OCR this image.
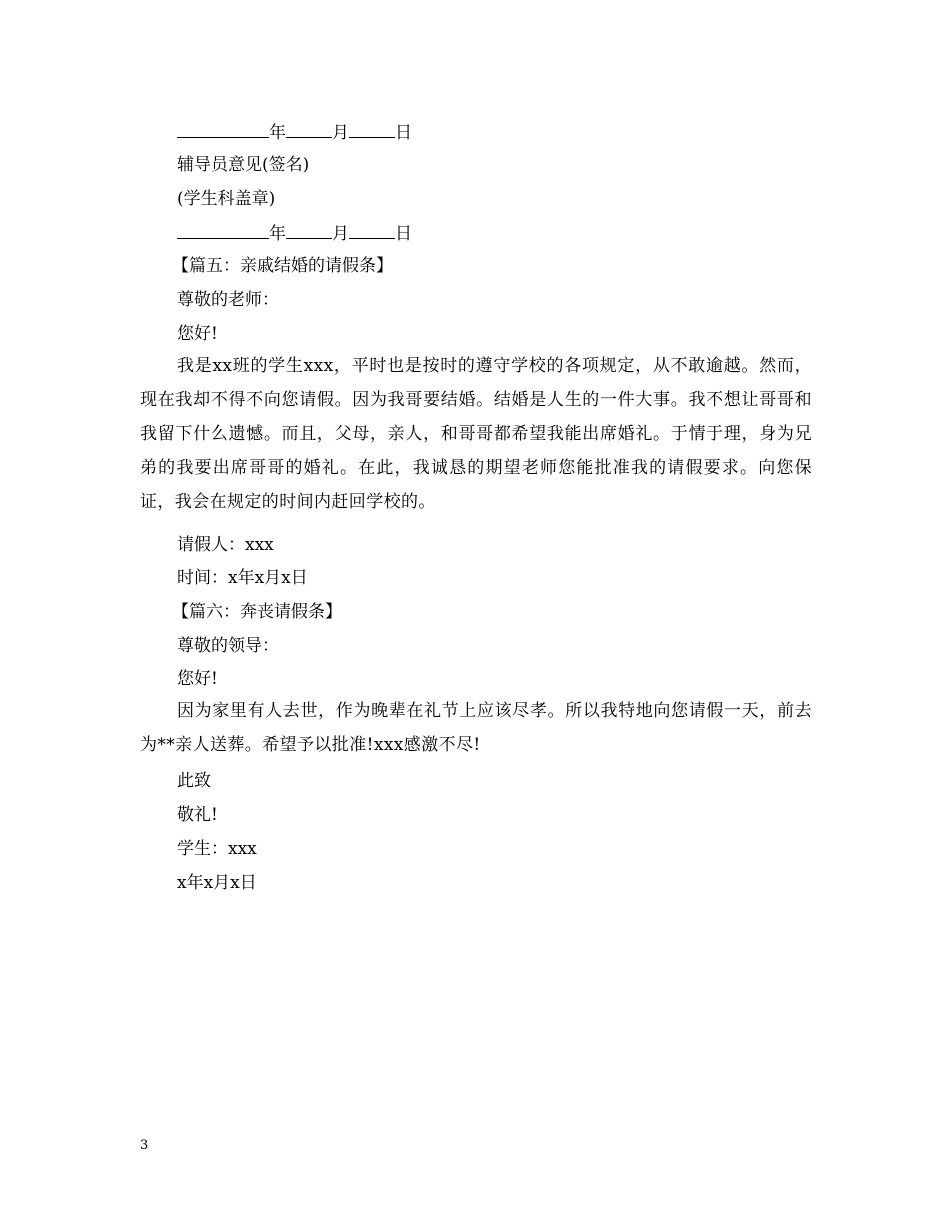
年	月	日
辅导员意见(签名)
(学生科盖章)
年	月	日
【篇五：亲戚结婚的请假条】
尊敬的老师：
您好!
我是xx班的学生xxx，平时也是按时的遵守学校的各项规定，从不敢逾越。然而，现在我却不得不向您请假。因为我哥要结婚。结婚是人生的一件大事。我不想让哥哥和我留下什么遗憾。而且，父母，亲人，和哥哥都希望我能出席婚礼。于情于理，身为兄弟的我要出席哥哥的婚礼。在此，我诚恳的期望老师您能批准我的请假要求。向您保证，我会在规定的时间内赶回学校的。
请假人：xxx
时间：x年x月x日
【篇六：奔丧请假条】
尊敬的领导：
您好!
因为家里有人去世，作为晚辈在礼节上应该尽孝。所以我特地向您请假一天，前去为**亲人送葬。希望予以批准!xxx感激不尽!
此致
敬礼!
学生：xxx
x年x月x日
3
